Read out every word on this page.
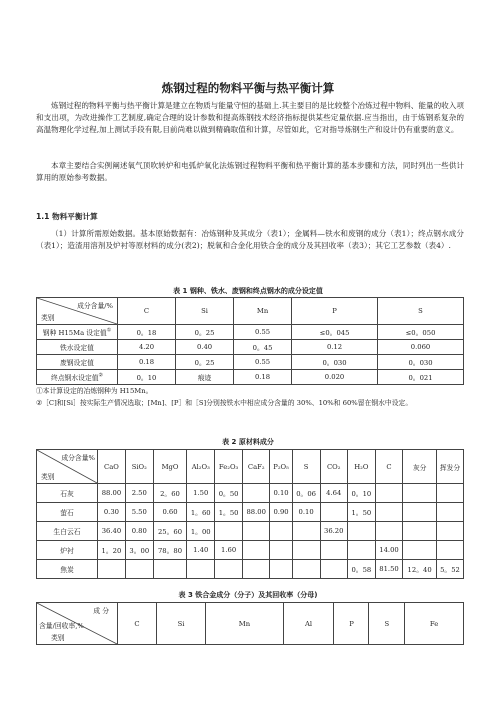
炼钢过程的物料平衡与热平衡计算

炼钢过程的物料平衡与热平衡计算是建立在物质与能量守恒的基础上.其主要目的是比较整个冶炼过程中物料、能量的收入项和支出项，为改进操作工艺制度,确定合理的设计参数和提高炼钢技术经济指标提供某些定量依据.应当指出，由于炼钢系复杂的高温物理化学过程,加上测试手段有限,目前尚难以做到精确取值和计算，尽管如此，它对指导炼钢生产和设计仍有重要的意义。

本章主要结合实例阐述氧气顶吹转炉和电弧炉氧化法炼钢过程物料平衡和热平衡计算的基本步骤和方法，同时列出一些供计算用的原始参考数据。

1.1 物料平衡计算

（1）计算所需原始数据。基本原始数据有：冶炼钢种及其成分（表1）；金属料—铁水和废钢的成分（表1）；终点钢水成分（表1）；造渣用溶剂及炉衬等原材料的成分(表2)；脱氧和合金化用铁合金的成分及其回收率（表3）；其它工艺参数（表4）.

表 1 钢种、铁水、废钢和终点钢水的成分设定值
成分含量/%
类别	C	Si	Mn	P	S
钢种 H15Ma 设定值①	0。18	0。25	0.55	≤0。045	≤0。050
铁水设定值	4.20	0.40	0。45	0.12	0.060
废钢设定值	0.18	0。25	0.55	0。030	0。030
终点钢水设定值②	0。10	痕迹	0.18	0.020	0。021

①本计算设定的冶炼钢种为 H15Mn。

②［C]和[Si］按实际生产情况选取；[Mn]、[P］和［S]分别按铁水中相应成分含量的 30%、10%和 60%留在钢水中设定。

表 2 原材料成分
成分含量%
类别	CaO	SiO₂	MgO	Al₂O₃	Fe₂O₃	CaF₂	P₂O₅	S	CO₂	H₂O	C	灰分	挥发分
石灰	88.00	2.50	2。60	1.50	0。50		0.10	0。06	4.64	0。10			
萤石	0.30	5.50	0.60	1。60	1。50	88.00	0.90	0.10		1。50			
生白云石	36.40	0.80	25。60	1。00					36.20				
炉衬	1。20	3。00	78。80	1.40	1.60						14.00		
焦炭										0。58	81.50	12。40	5。52
表 3 铁合金成分（分子）及其回收率（分母)
成 分
含量/回收率,%
类别
	C	Si	Mn	Al	P	S	Fe
